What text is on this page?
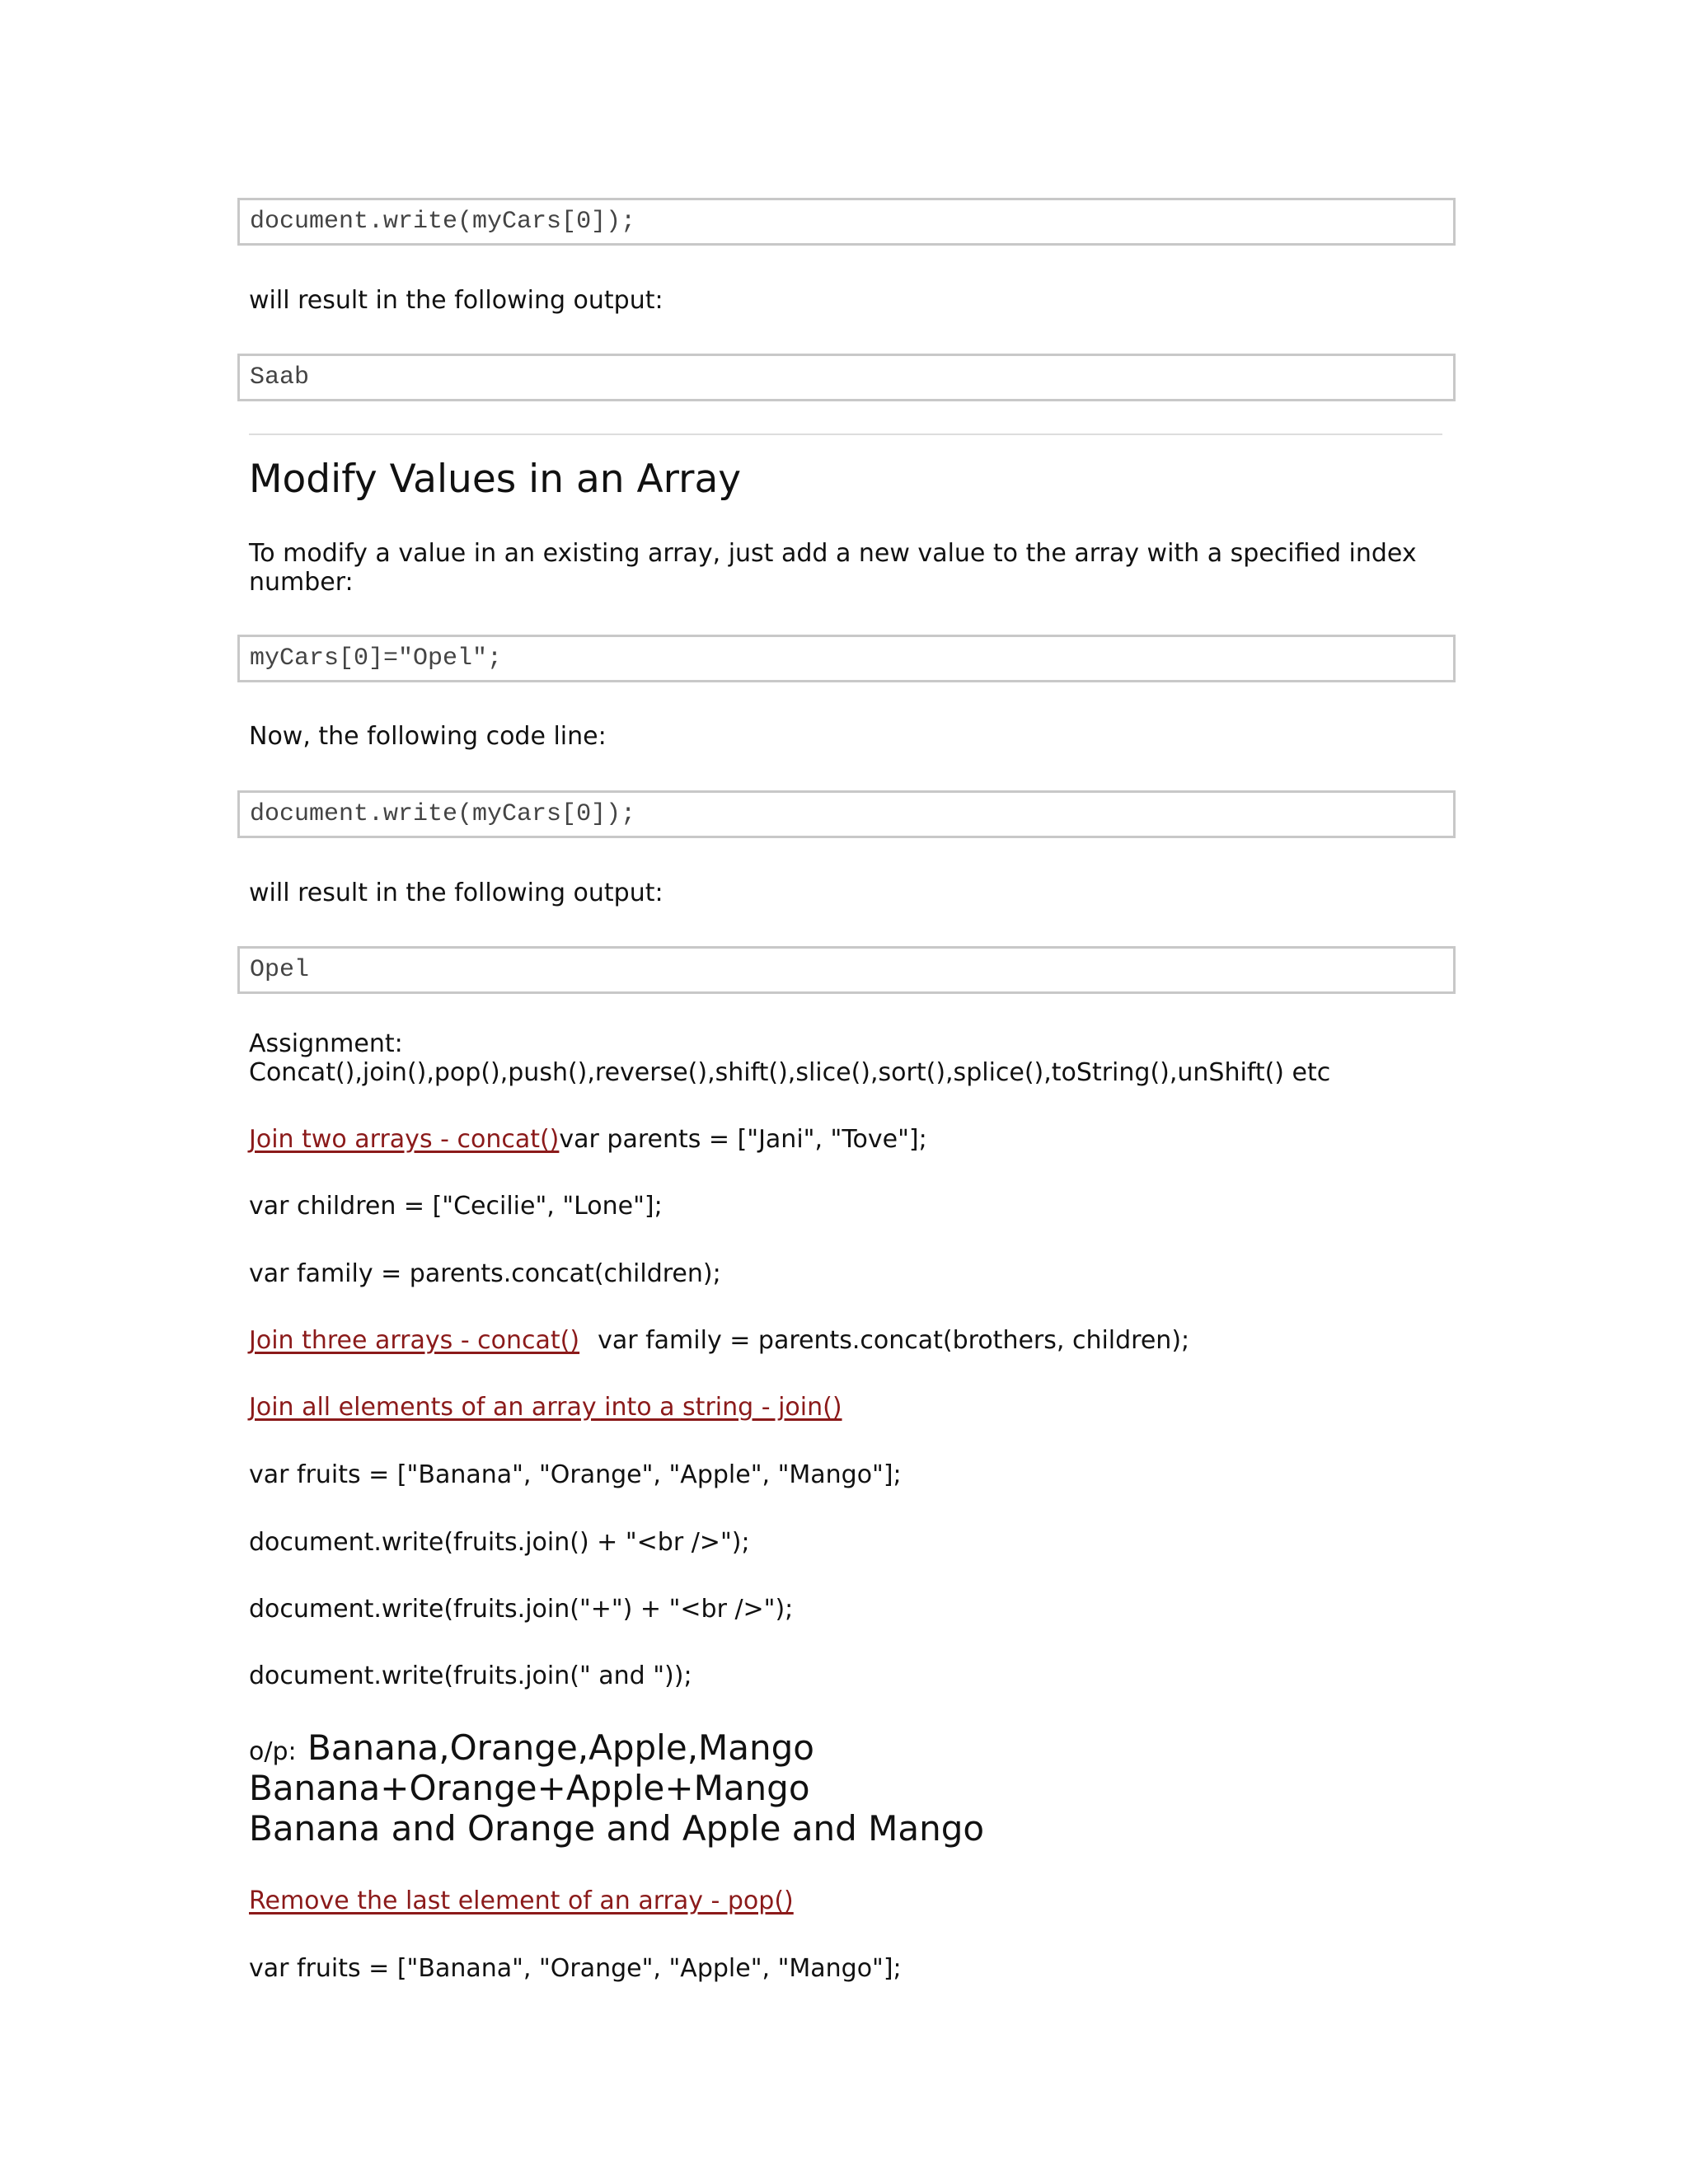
document.write(myCars[0]);

will result in the following output:

Saab
Modify Values in an Array

To modify a value in an existing array, just add a new value to the array with a specified index

number:

myCars[0]="Opel";

Now, the following code line:

document.write(myCars[0]);

will result in the following output:

Opel

Assignment:

Concat(),join(),pop(),push(),reverse(),shift(),slice(),sort(),splice(),toString(),unShift() etc

Join two arrays - concat()var parents = ["Jani", "Tove"];

var children = ["Cecilie", "Lone"];

var family = parents.concat(children);

Join three arrays - concat() var family = parents.concat(brothers, children);

Join all elements of an array into a string - join()

var fruits = ["Banana", "Orange", "Apple", "Mango"];

document.write(fruits.join() + "<br />");

document.write(fruits.join("+") + "<br />");

document.write(fruits.join(" and "));

o/p: Banana,Orange,Apple,Mango

Banana+Orange+Apple+Mango

Banana and Orange and Apple and Mango

Remove the last element of an array - pop()

var fruits = ["Banana", "Orange", "Apple", "Mango"];
